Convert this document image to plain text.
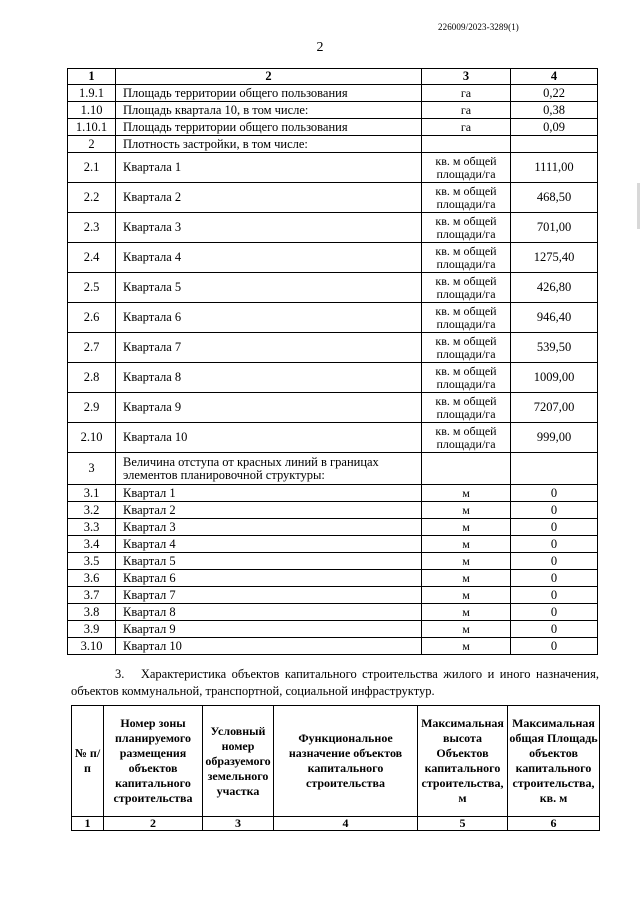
226009/2023-3289(1)
2
1	2	3	4
1.9.1	Площадь территории общего пользования	га	0,22
1.10	Площадь квартала 10, в том числе:	га	0,38
1.10.1	Площадь территории общего пользования	га	0,09
2	Плотность застройки, в том числе:		
2.1	Квартала 1	кв. м общей площади/га	1111,00
2.2	Квартала 2	кв. м общей площади/га	468,50
2.3	Квартала 3	кв. м общей площади/га	701,00
2.4	Квартала 4	кв. м общей площади/га	1275,40
2.5	Квартала 5	кв. м общей площади/га	426,80
2.6	Квартала 6	кв. м общей площади/га	946,40
2.7	Квартала 7	кв. м общей площади/га	539,50
2.8	Квартала 8	кв. м общей площади/га	1009,00
2.9	Квартала 9	кв. м общей площади/га	7207,00
2.10	Квартала 10	кв. м общей площади/га	999,00
3	Величина отступа от красных линий в границах элементов планировочной структуры:		
3.1	Квартал 1	м	0
3.2	Квартал 2	м	0
3.3	Квартал 3	м	0
3.4	Квартал 4	м	0
3.5	Квартал 5	м	0
3.6	Квартал 6	м	0
3.7	Квартал 7	м	0
3.8	Квартал 8	м	0
3.9	Квартал 9	м	0
3.10	Квартал 10	м	0
3.   Характеристика объектов капитального строительства жилого и иного назначения, объектов коммунальной, транспортной, социальной инфраструктур.
№ п/п	Номер зоны планируемого размещения объектов капитального строительства	Условный номер образуемого земельного участка	Функциональное назначение объектов капитального строительства	Максимальная высота Объектов капитального строительства, м	Максимальная общая Площадь объектов капитального строительства, кв. м
1	2	3	4	5	6
